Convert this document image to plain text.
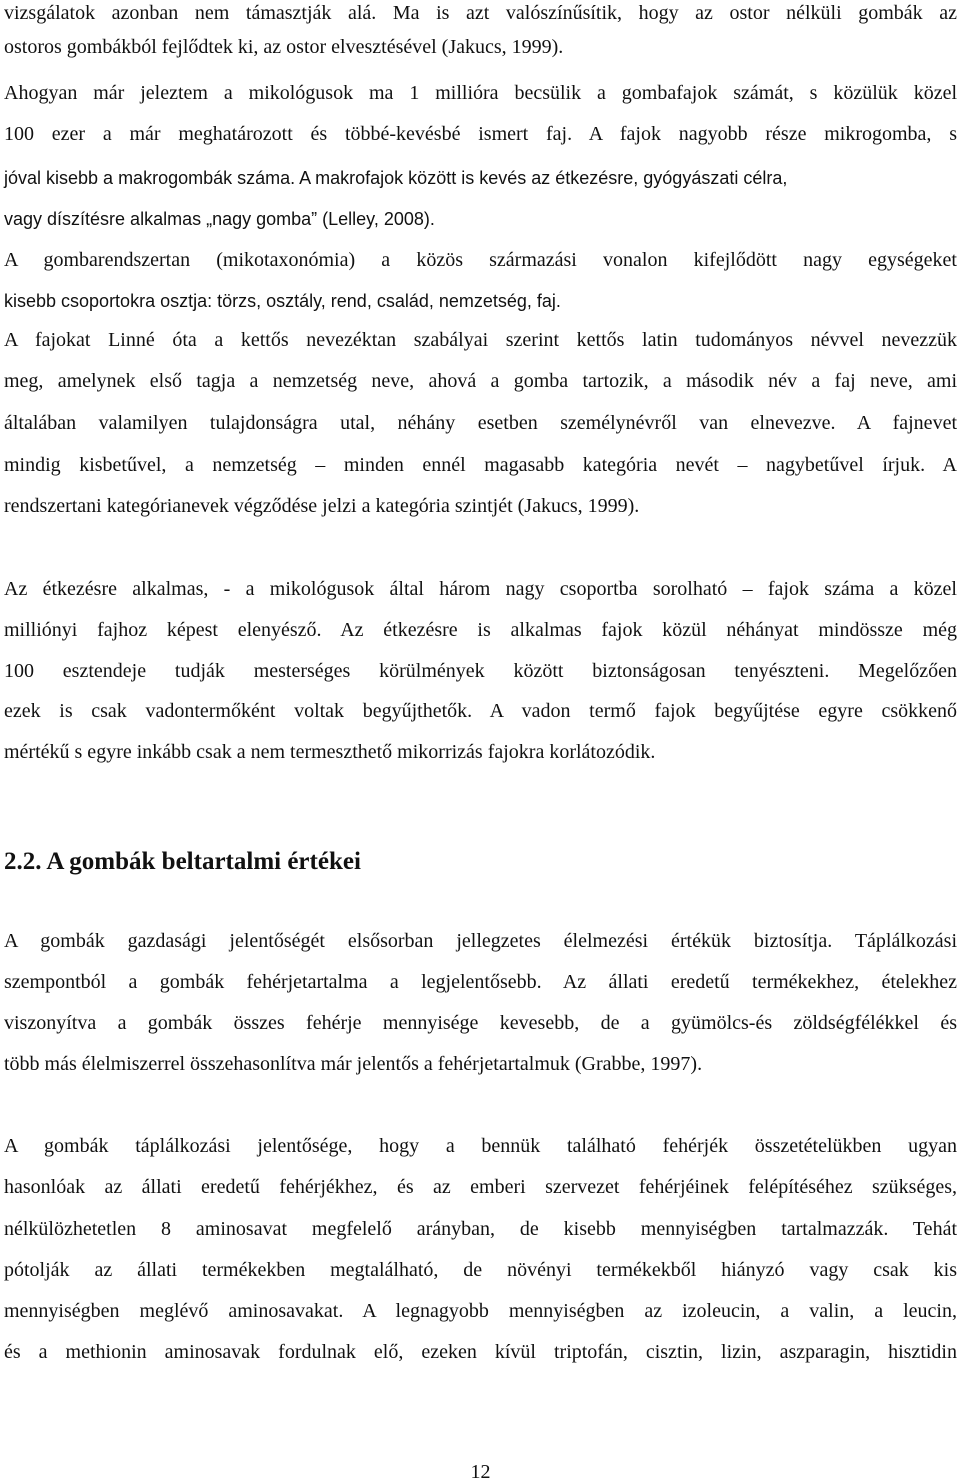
vizsgálatok azonban nem támasztják alá. Ma is azt valószínűsítik, hogy az ostor nélküli gombák az
ostoros gombákból fejlődtek ki, az ostor elvesztésével (Jakucs, 1999).
Ahogyan már jeleztem a mikológusok ma 1 millióra becsülik a gombafajok számát, s közülük közel
100 ezer a már meghatározott és többé-kevésbé ismert faj. A fajok nagyobb része mikrogomba, s
jóval kisebb a makrogombák száma. A makrofajok között is kevés az étkezésre, gyógyászati célra,
vagy díszítésre alkalmas „nagy gomba” (Lelley, 2008).
A gombarendszertan (mikotaxonómia) a közös származási vonalon kifejlődött nagy egységeket
kisebb csoportokra osztja: törzs, osztály, rend, család, nemzetség, faj.
A fajokat Linné óta a kettős nevezéktan szabályai szerint kettős latin tudományos névvel nevezzük
meg, amelynek első tagja a nemzetség neve, ahová a gomba tartozik, a második név a faj neve, ami
általában valamilyen tulajdonságra utal, néhány esetben személynévről van elnevezve. A fajnevet
mindig kisbetűvel, a nemzetség – minden ennél magasabb kategória nevét – nagybetűvel írjuk. A
rendszertani kategórianevek végződése jelzi a kategória szintjét (Jakucs, 1999).
Az étkezésre alkalmas, - a mikológusok által három nagy csoportba sorolható – fajok száma a közel
milliónyi fajhoz képest elenyésző. Az étkezésre is alkalmas fajok közül néhányat mindössze még
100 esztendeje tudják mesterséges körülmények között biztonságosan tenyészteni. Megelőzően
ezek is csak vadontermőként voltak begyűjthetők. A vadon termő fajok begyűjtése egyre csökkenő
mértékű s egyre inkább csak a nem termeszthető mikorrizás fajokra korlátozódik.
2.2. A gombák beltartalmi értékei
A gombák gazdasági jelentőségét elsősorban jellegzetes élelmezési értékük biztosítja. Táplálkozási
szempontból a gombák fehérjetartalma a legjelentősebb. Az állati eredetű termékekhez, ételekhez
viszonyítva a gombák összes fehérje mennyisége kevesebb, de a gyümölcs-és zöldségfélékkel és
több más élelmiszerrel összehasonlítva már jelentős a fehérjetartalmuk (Grabbe, 1997).
A gombák táplálkozási jelentősége, hogy a bennük található fehérjék összetételükben ugyan
hasonlóak az állati eredetű fehérjékhez, és az emberi szervezet fehérjéinek felépítéséhez szükséges,
nélkülözhetetlen 8 aminosavat megfelelő arányban, de kisebb mennyiségben tartalmazzák. Tehát
pótolják az állati termékekben megtalálható, de növényi termékekből hiányzó vagy csak kis
mennyiségben meglévő aminosavakat. A legnagyobb mennyiségben az izoleucin, a valin, a leucin,
és a methionin aminosavak fordulnak elő, ezeken kívül triptofán, cisztin, lizin, aszparagin, hisztidin
12
